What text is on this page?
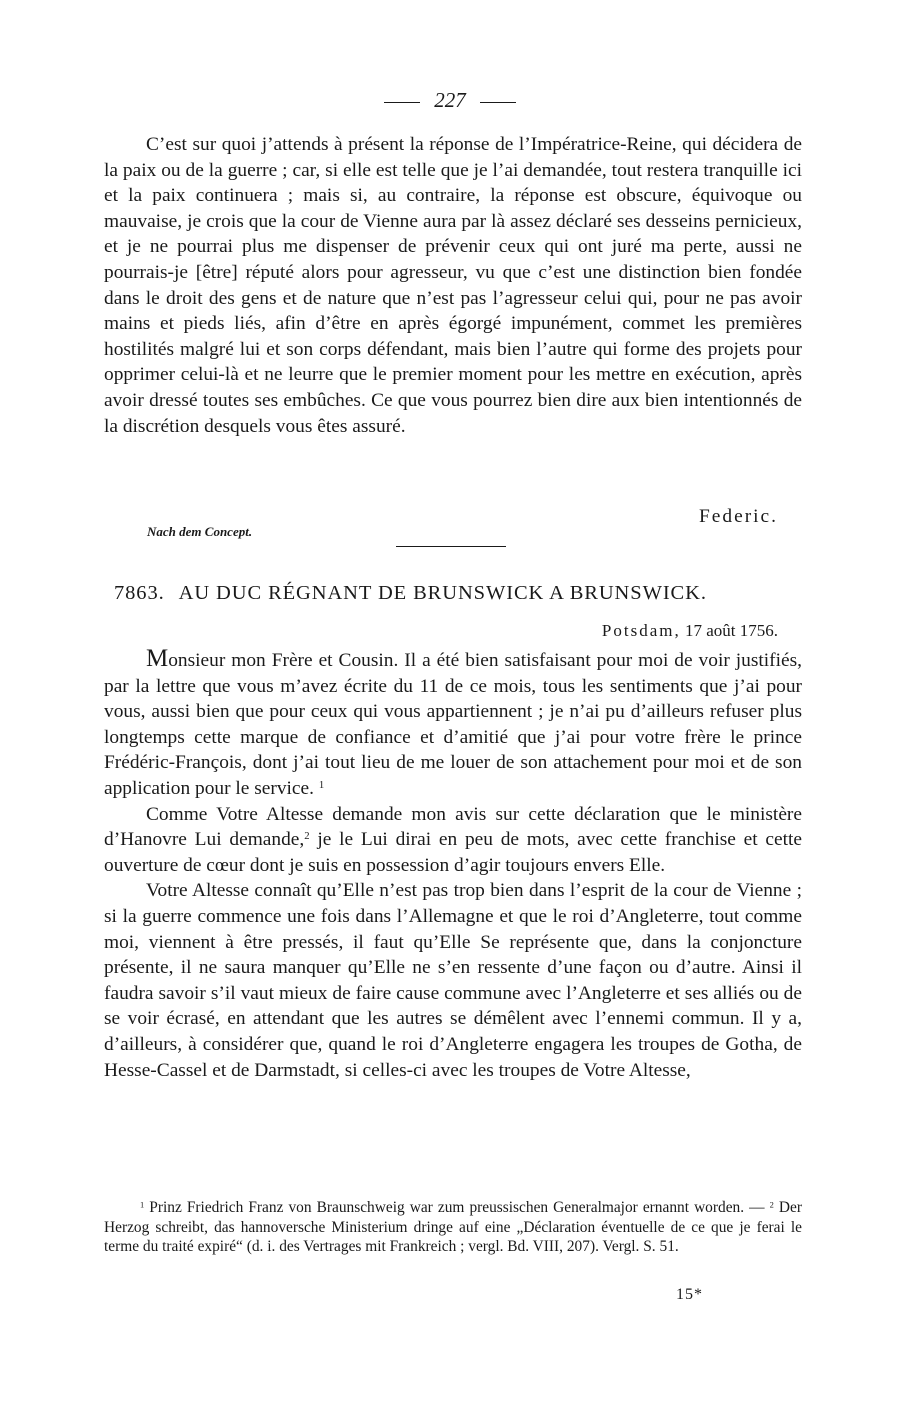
227

C’est sur quoi j’attends à présent la réponse de l’Impératrice-Reine, qui décidera de la paix ou de la guerre ; car, si elle est telle que je l’ai demandée, tout restera tranquille ici et la paix continuera ; mais si, au contraire, la réponse est obscure, équivoque ou mauvaise, je crois que la cour de Vienne aura par là assez déclaré ses desseins pernicieux, et je ne pourrai plus me dispenser de prévenir ceux qui ont juré ma perte, aussi ne pourrais-je [être] réputé alors pour agresseur, vu que c’est une distinction bien fondée dans le droit des gens et de nature que n’est pas l’agresseur celui qui, pour ne pas avoir mains et pieds liés, afin d’être en après égorgé impunément, commet les premières hostilités malgré lui et son corps défendant, mais bien l’autre qui forme des projets pour opprimer celui-là et ne leurre que le premier moment pour les mettre en exécution, après avoir dressé toutes ses embûches. Ce que vous pourrez bien dire aux bien intentionnés de la discrétion desquels vous êtes assuré.

Federic.
Nach dem Concept.
7863. AU DUC RÉGNANT DE BRUNSWICK A BRUNSWICK.
Potsdam, 17 août 1756.

Monsieur mon Frère et Cousin. Il a été bien satisfaisant pour moi de voir justifiés, par la lettre que vous m’avez écrite du 11 de ce mois, tous les sentiments que j’ai pour vous, aussi bien que pour ceux qui vous appartiennent ; je n’ai pu d’ailleurs refuser plus longtemps cette marque de confiance et d’amitié que j’ai pour votre frère le prince Frédéric-François, dont j’ai tout lieu de me louer de son attachement pour moi et de son application pour le service. $^1$

Comme Votre Altesse demande mon avis sur cette déclaration que le ministère d’Hanovre Lui demande,$^2$ je le Lui dirai en peu de mots, avec cette franchise et cette ouverture de cœur dont je suis en possession d’agir toujours envers Elle.

Votre Altesse connaît qu’Elle n’est pas trop bien dans l’esprit de la cour de Vienne ; si la guerre commence une fois dans l’Allemagne et que le roi d’Angleterre, tout comme moi, viennent à être pressés, il faut qu’Elle Se représente que, dans la conjoncture présente, il ne saura manquer qu’Elle ne s’en ressente d’une façon ou d’autre. Ainsi il faudra savoir s’il vaut mieux de faire cause commune avec l’Angleterre et ses alliés ou de se voir écrasé, en attendant que les autres se démêlent avec l’ennemi commun. Il y a, d’ailleurs, à considérer que, quand le roi d’Angleterre engagera les troupes de Gotha, de Hesse-Cassel et de Darmstadt, si celles-ci avec les troupes de Votre Altesse,

$^1$ Prinz Friedrich Franz von Braunschweig war zum preussischen Generalmajor ernannt worden. — $^2$ Der Herzog schreibt, das hannoversche Ministerium dringe auf eine „Déclaration éventuelle de ce que je ferai le terme du traité expiré“ (d. i. des Vertrages mit Frankreich ; vergl. Bd. VIII, 207). Vergl. S. 51.

15*
